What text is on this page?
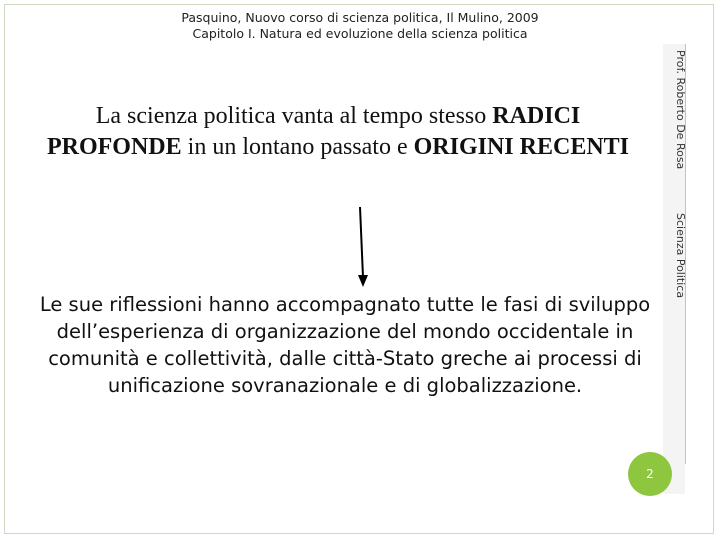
Pasquino, Nuovo corso di scienza politica, Il Mulino, 2009
Capitolo I. Natura ed evoluzione della scienza politica
Prof. Roberto De Rosa Scienza Politica
La scienza politica vanta al tempo stesso RADICI PROFONDE in un lontano passato e ORIGINI RECENTI
Le sue riflessioni hanno accompagnato tutte le fasi di sviluppo dell’esperienza di organizzazione del mondo occidentale in comunità e collettività, dalle città-Stato greche ai processi di unificazione sovranazionale e di globalizzazione.
2
